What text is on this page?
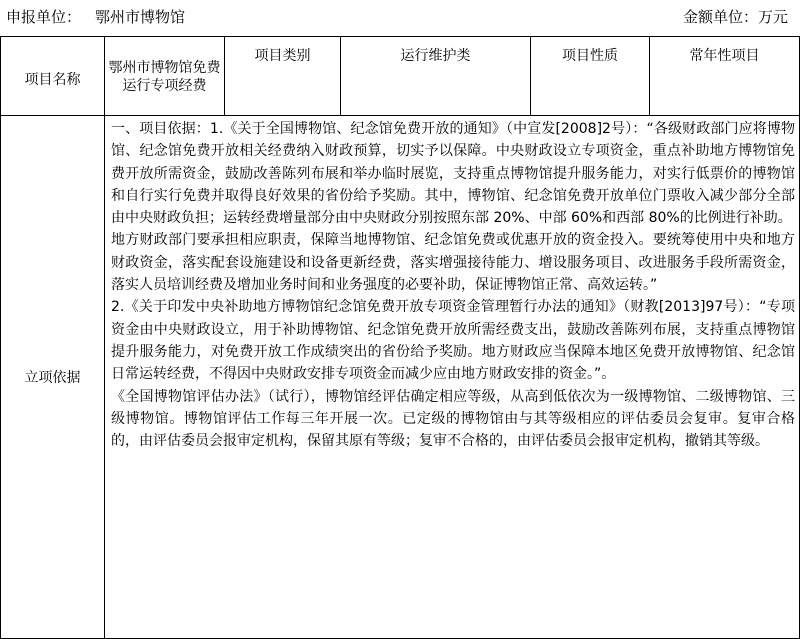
申报单位： 鄂州市博物馆	金额单位：万元
项目名称	鄂州市博物馆免费运行专项经费	项目类别	运行维护类	项目性质	常年性项目
立项依据	一、项目依据：1.《关于全国博物馆、纪念馆免费开放的通知》（中宣发[2008]2号）：“各级财政部门应将博物馆、纪念馆免费开放相关经费纳入财政预算，切实予以保障。中央财政设立专项资金，重点补助地方博物馆免费开放所需资金，鼓励改善陈列布展和举办临时展览，支持重点博物馆提升服务能力，对实行低票价的博物馆和自行实行免费并取得良好效果的省份给予奖励。其中，博物馆、纪念馆免费开放单位门票收入减少部分全部由中央财政负担；运转经费增量部分由中央财政分别按照东部 20%、中部 60%和西部 80%的比例进行补助。

地方财政部门要承担相应职责，保障当地博物馆、纪念馆免费或优惠开放的资金投入。要统筹使用中央和地方财政资金，落实配套设施建设和设备更新经费，落实增强接待能力、增设服务项目、改进服务手段所需资金，落实人员培训经费及增加业务时间和业务强度的必要补助，保证博物馆正常、高效运转。”

2.《关于印发中央补助地方博物馆纪念馆免费开放专项资金管理暂行办法的通知》（财教[2013]97号）：“专项资金由中央财政设立，用于补助博物馆、纪念馆免费开放所需经费支出，鼓励改善陈列布展，支持重点博物馆提升服务能力，对免费开放工作成绩突出的省份给予奖励。地方财政应当保障本地区免费开放博物馆、纪念馆日常运转经费，不得因中央财政安排专项资金而减少应由地方财政安排的资金。”。

《全国博物馆评估办法》（试行），博物馆经评估确定相应等级，从高到低依次为一级博物馆、二级博物馆、三级博物馆。博物馆评估工作每三年开展一次。已定级的博物馆由与其等级相应的评估委员会复审。复审合格的，由评估委员会报审定机构，保留其原有等级；复审不合格的，由评估委员会报审定机构，撤销其等级。				
